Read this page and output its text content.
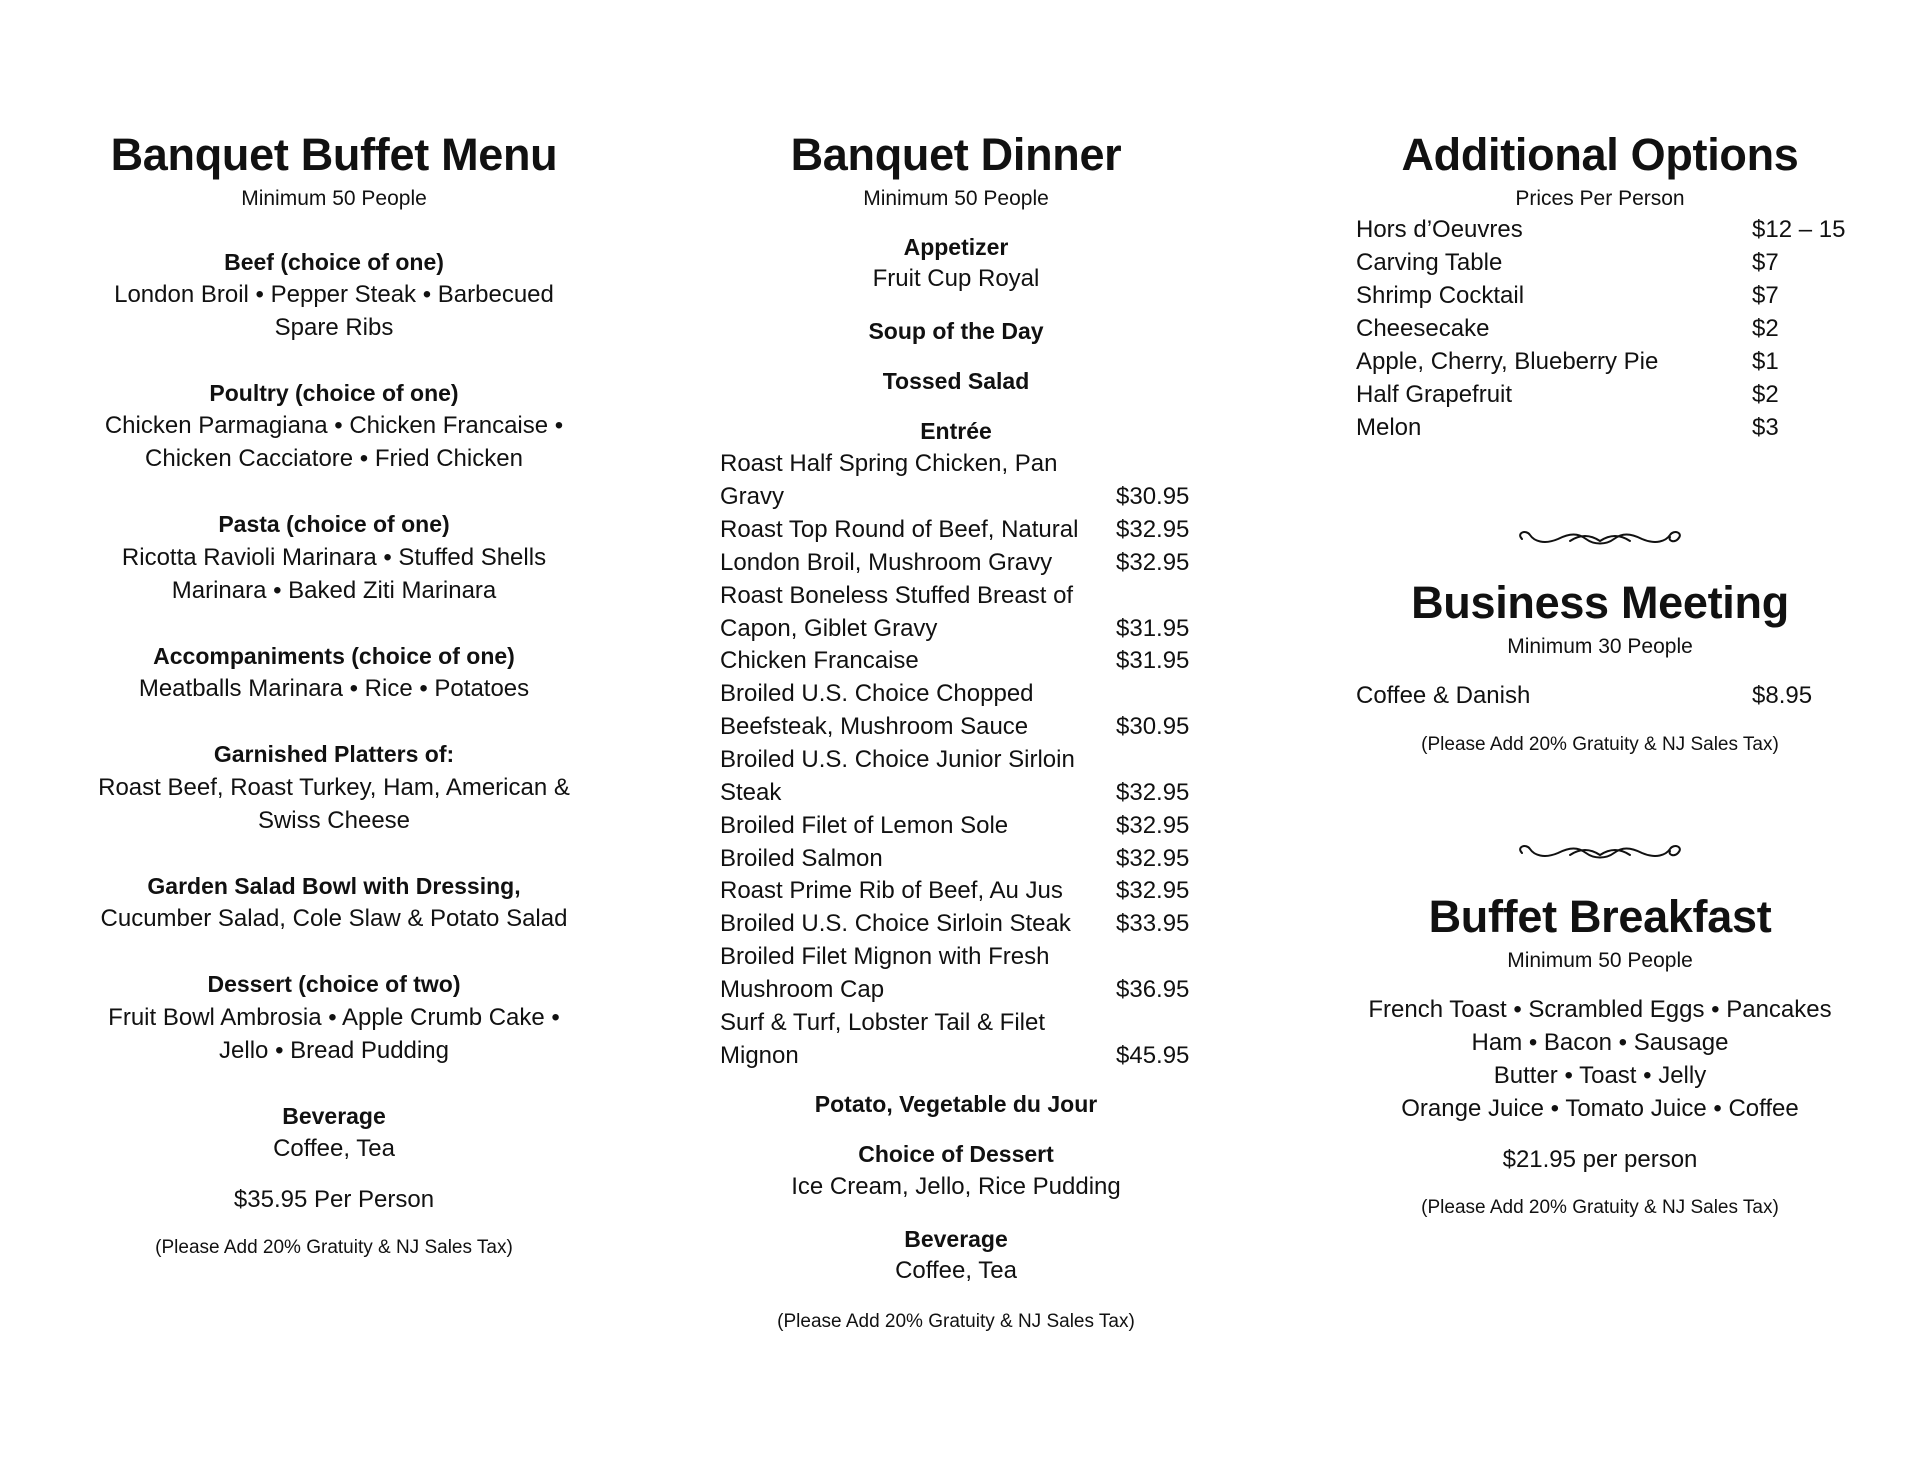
Banquet Buffet Menu
Minimum 50 People
Beef (choice of one)
London Broil • Pepper Steak • Barbecued
Spare Ribs
Poultry (choice of one)
Chicken Parmagiana • Chicken Francaise •
Chicken Cacciatore • Fried Chicken
Pasta (choice of one)
Ricotta Ravioli Marinara • Stuffed Shells
Marinara • Baked Ziti Marinara
Accompaniments (choice of one)
Meatballs Marinara • Rice • Potatoes
Garnished Platters of:
Roast Beef, Roast Turkey, Ham, American &
Swiss Cheese
Garden Salad Bowl with Dressing,
Cucumber Salad, Cole Slaw & Potato Salad
Dessert (choice of two)
Fruit Bowl Ambrosia • Apple Crumb Cake •
Jello • Bread Pudding
Beverage
Coffee, Tea
$35.95 Per Person
(Please Add 20% Gratuity & NJ Sales Tax)
Banquet Dinner
Minimum 50 People
Appetizer
Fruit Cup Royal
Soup of the Day
Tossed Salad
Entrée
Roast Half Spring Chicken, Pan
Gravy	$30.95
Roast Top Round of Beef, Natural $32.95
London Broil, Mushroom Gravy	$32.95
Roast Boneless Stuffed Breast of
Capon, Giblet Gravy	$31.95
Chicken Francaise	$31.95
Broiled U.S. Choice Chopped
Beefsteak, Mushroom Sauce	$30.95
Broiled U.S. Choice Junior Sirloin
Steak	$32.95
Broiled Filet of Lemon Sole	$32.95
Broiled Salmon	$32.95
Roast Prime Rib of Beef, Au Jus $32.95
Broiled U.S. Choice Sirloin Steak $33.95
Broiled Filet Mignon with Fresh
Mushroom Cap	$36.95
Surf & Turf, Lobster Tail & Filet
Mignon	$45.95
Potato, Vegetable du Jour
Choice of Dessert
Ice Cream, Jello, Rice Pudding
Beverage
Coffee, Tea
(Please Add 20% Gratuity & NJ Sales Tax)
Additional Options
Prices Per Person
Hors d’Oeuvres	$12 – 15
Carving Table	$7
Shrimp Cocktail	$7
Cheesecake	$2
Apple, Cherry, Blueberry Pie	$1
Half Grapefruit	$2
Melon	$3
Business Meeting
Minimum 30 People
Coffee & Danish	$8.95
(Please Add 20% Gratuity & NJ Sales Tax)
Buffet Breakfast
Minimum 50 People
French Toast • Scrambled Eggs • Pancakes
Ham • Bacon • Sausage
Butter • Toast • Jelly
Orange Juice • Tomato Juice • Coffee
$21.95 per person
(Please Add 20% Gratuity & NJ Sales Tax)
